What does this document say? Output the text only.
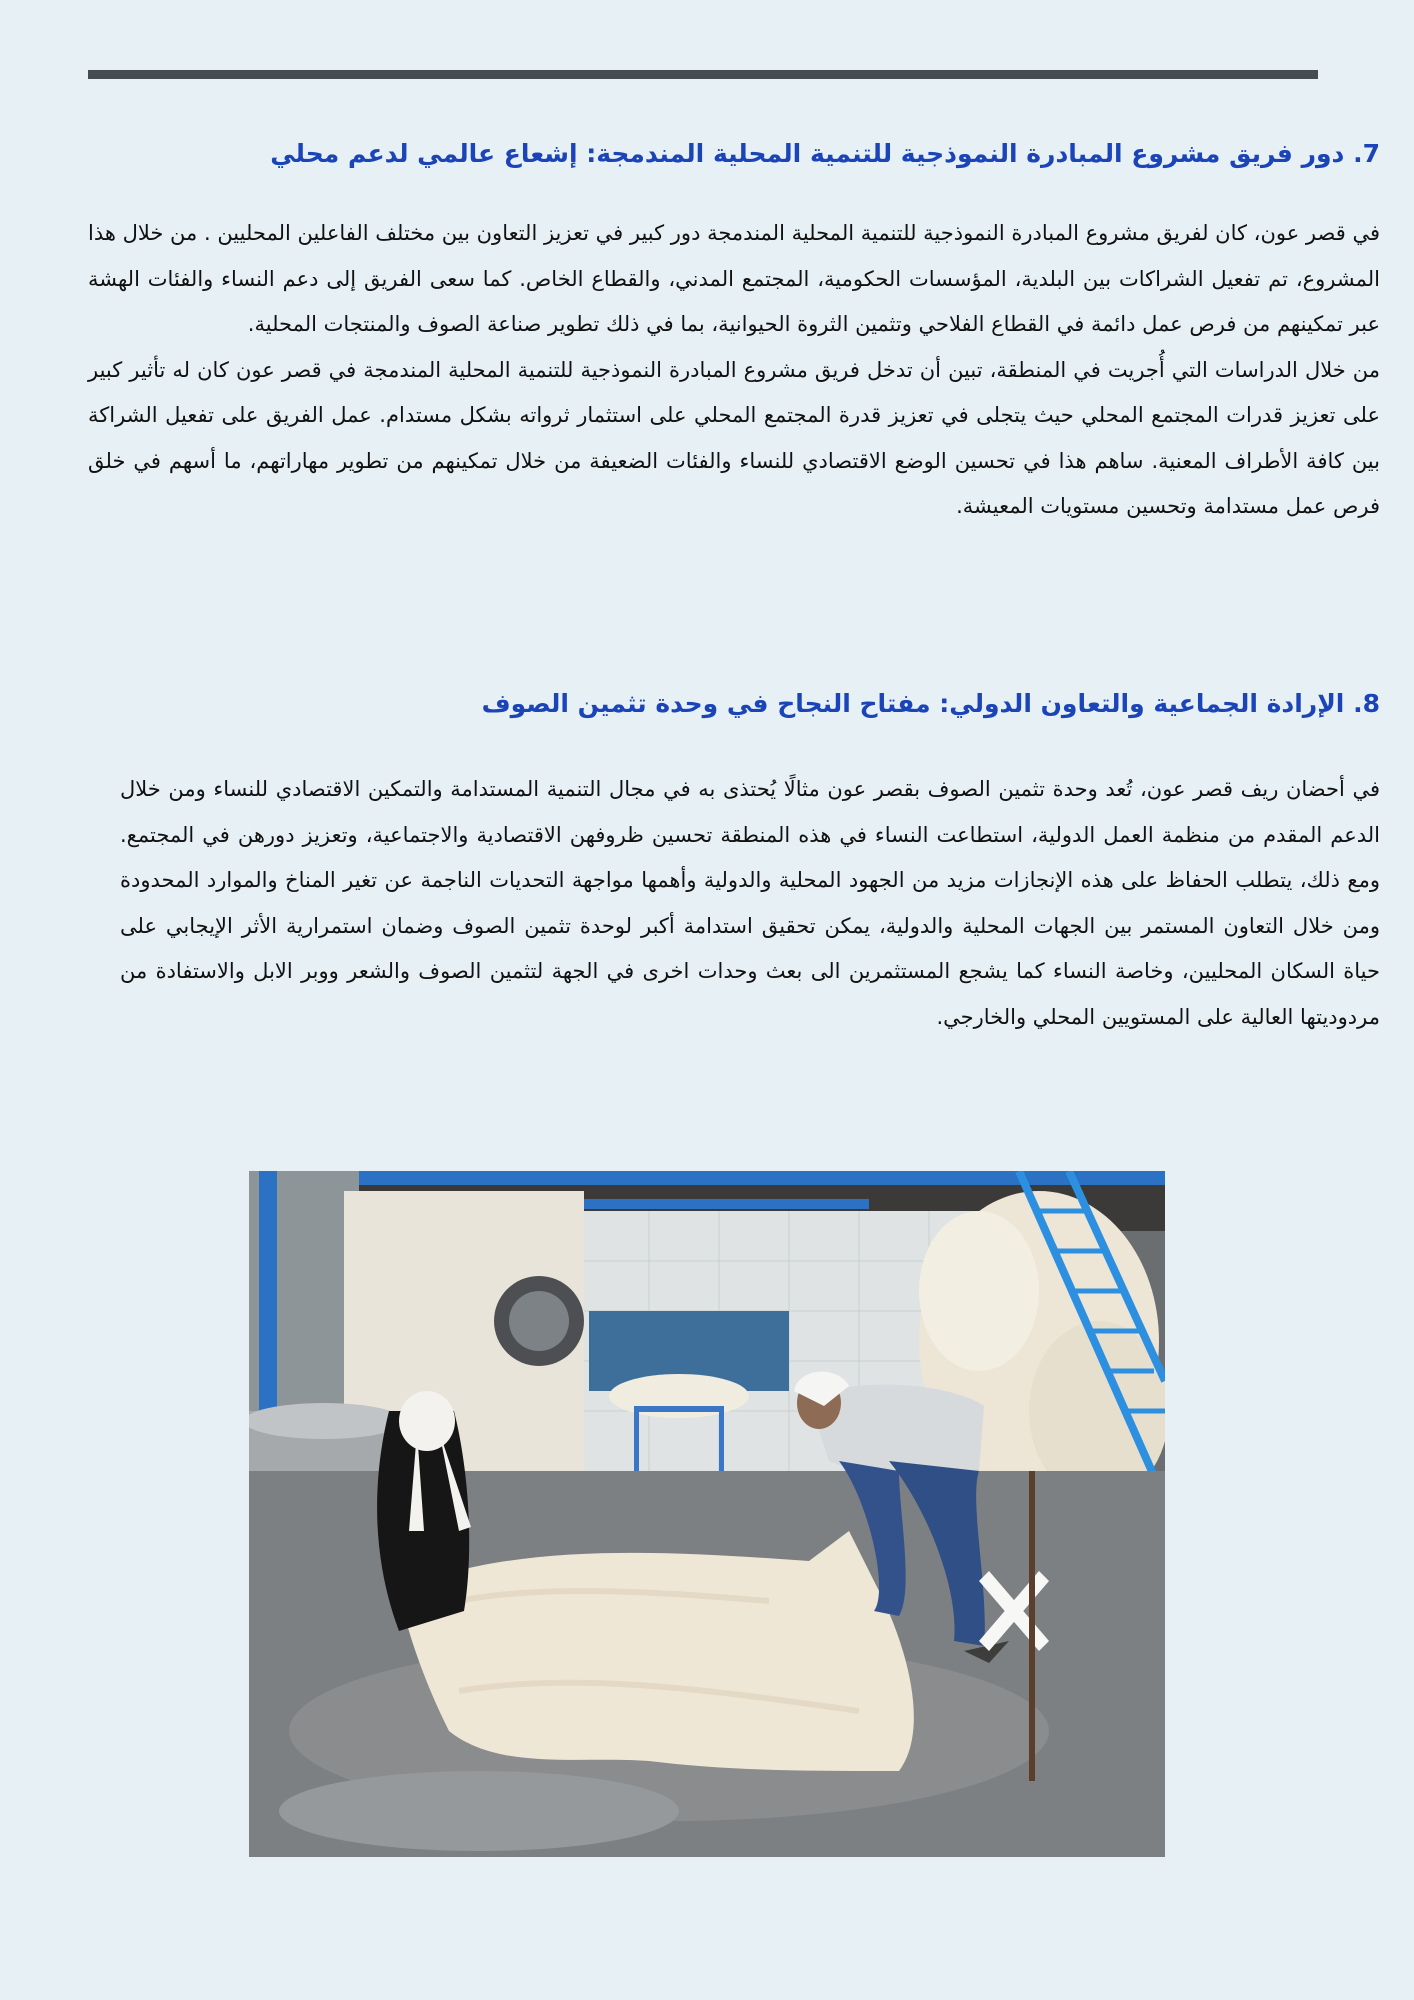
7. دور فريق مشروع المبادرة النموذجية للتنمية المحلية المندمجة: إشعاع عالمي لدعم محلي

في قصر عون، كان لفريق مشروع المبادرة النموذجية للتنمية المحلية المندمجة دور كبير في تعزيز التعاون بين مختلف الفاعلين المحليين . من خلال هذا المشروع، تم تفعيل الشراكات بين البلدية، المؤسسات الحكومية، المجتمع المدني، والقطاع الخاص. كما سعى الفريق إلى دعم النساء والفئات الهشة عبر تمكينهم من فرص عمل دائمة في القطاع الفلاحي وتثمين الثروة الحيوانية، بما في ذلك تطوير صناعة الصوف والمنتجات المحلية.

من خلال الدراسات التي أُجريت في المنطقة، تبين أن تدخل فريق مشروع المبادرة النموذجية للتنمية المحلية المندمجة في قصر عون كان له تأثير كبير على تعزيز قدرات المجتمع المحلي حيث يتجلى في تعزيز قدرة المجتمع المحلي على استثمار ثرواته بشكل مستدام. عمل الفريق على تفعيل الشراكة بين كافة الأطراف المعنية. ساهم هذا في تحسين الوضع الاقتصادي للنساء والفئات الضعيفة من خلال تمكينهم من تطوير مهاراتهم، ما أسهم في خلق فرص عمل مستدامة وتحسين مستويات المعيشة.

8. الإرادة الجماعية والتعاون الدولي: مفتاح النجاح في وحدة تثمين الصوف

في أحضان ريف قصر عون، تُعد وحدة تثمين الصوف بقصر عون مثالًا يُحتذى به في مجال التنمية المستدامة والتمكين الاقتصادي للنساء ومن خلال الدعم المقدم من منظمة العمل الدولية، استطاعت النساء في هذه المنطقة تحسين ظروفهن الاقتصادية والاجتماعية، وتعزيز دورهن في المجتمع. ومع ذلك، يتطلب الحفاظ على هذه الإنجازات مزيد من الجهود المحلية والدولية وأهمها مواجهة التحديات الناجمة عن تغير المناخ والموارد المحدودة ومن خلال التعاون المستمر بين الجهات المحلية والدولية، يمكن تحقيق استدامة أكبر لوحدة تثمين الصوف وضمان استمرارية الأثر الإيجابي على حياة السكان المحليين، وخاصة النساء كما يشجع المستثمرين الى بعث وحدات اخرى في الجهة لتثمين الصوف والشعر ووبر الابل والاستفادة من مردوديتها العالية على المستويين المحلي والخارجي.
